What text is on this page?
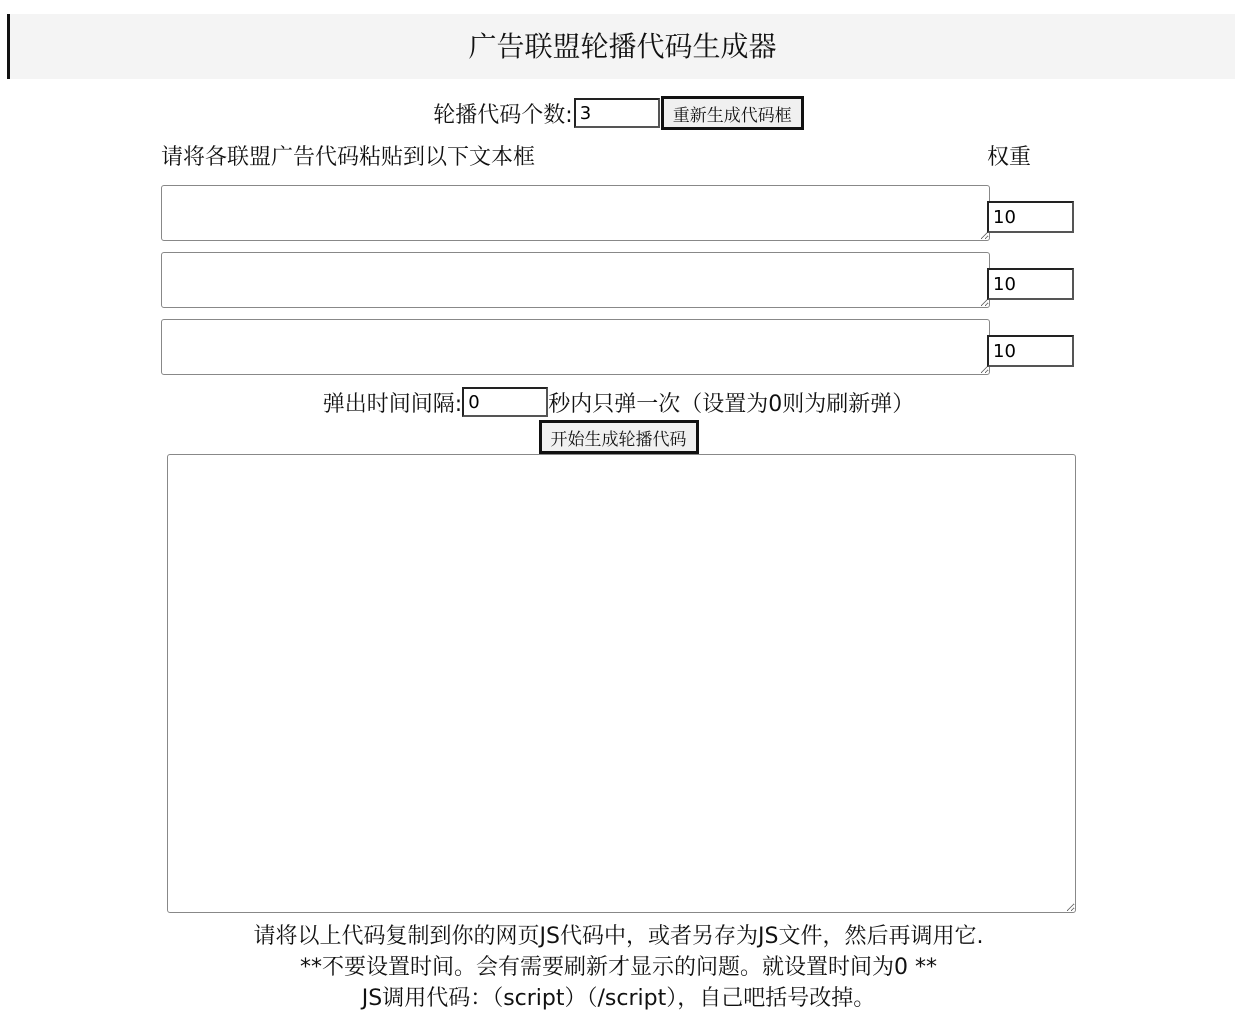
广告联盟轮播代码生成器
轮播代码个数:
3	重新生成代码框
请将各联盟广告代码粘贴到以下文本框	权重
10
10
10
弹出时间间隔:
0	秒内只弹一次（设置为0则为刷新弹）
开始生成轮播代码

请将以上代码复制到你的网页JS代码中，或者另存为JS文件，然后再调用它.

**不要设置时间。会有需要刷新才显示的问题。就设置时间为0 **

JS调用代码：（script）（/script），自己吧括号改掉。
